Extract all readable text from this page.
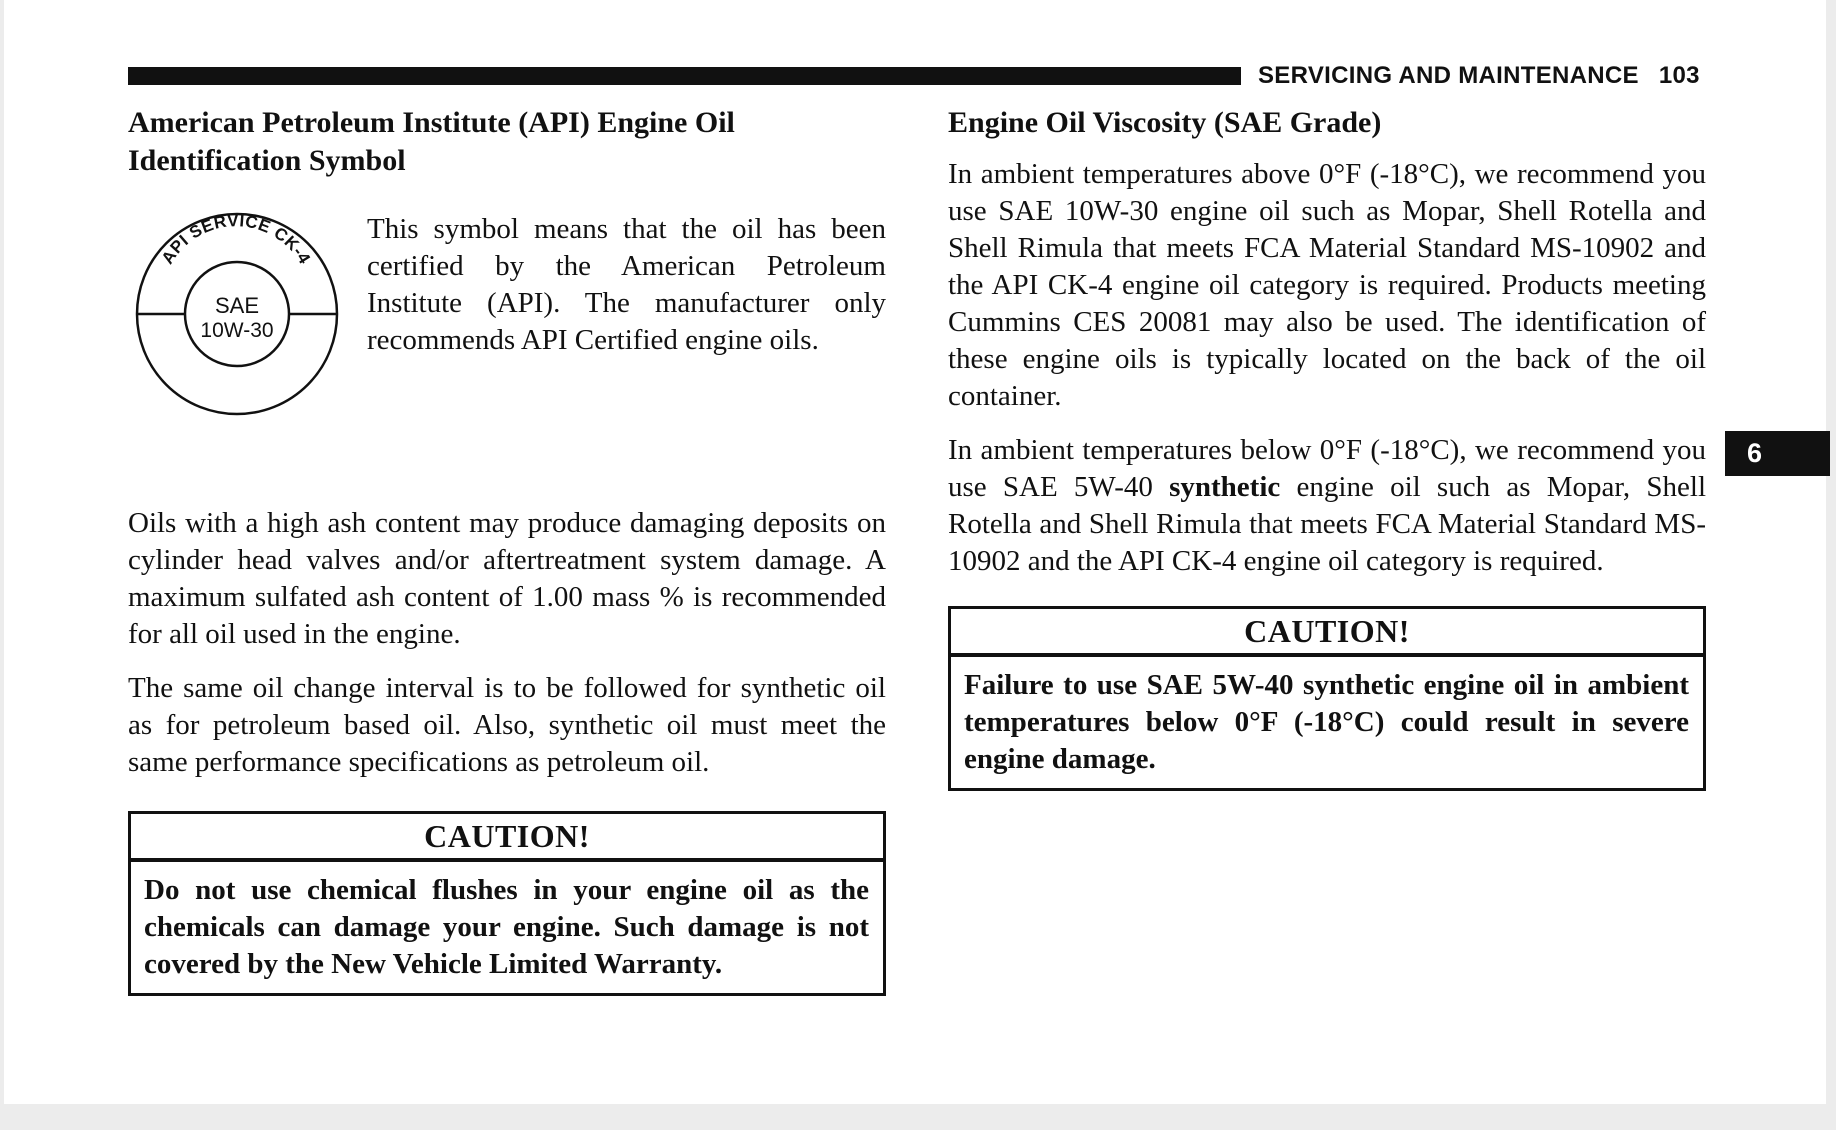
SERVICING AND MAINTENANCE 103
6
American Petroleum Institute (API) Engine Oil Identification Symbol
API SERVICE CK-4
SAE
10W-30

This symbol means that the oil has been certified by the American Petroleum Institute (API). The manufacturer only recommends API Certified engine oils.

Oils with a high ash content may produce damaging deposits on cylinder head valves and/or aftertreatment system damage. A maximum sulfated ash content of 1.00 mass % is recommended for all oil used in the engine.

The same oil change interval is to be followed for synthetic oil as for petroleum based oil. Also, synthetic oil must meet the same performance specifications as petroleum oil.

CAUTION!
Do not use chemical flushes in your engine oil as the chemicals can damage your engine. Such damage is not covered by the New Vehicle Limited Warranty.
Engine Oil Viscosity (SAE Grade)

In ambient temperatures above 0°F (-18°C), we recommend you use SAE 10W-30 engine oil such as Mopar, Shell Rotella and Shell Rimula that meets FCA Material Standard MS-10902 and the API CK-4 engine oil category is required. Products meeting Cummins CES 20081 may also be used. The identification of these engine oils is typically located on the back of the oil container.

In ambient temperatures below 0°F (-18°C), we recommend you use SAE 5W-40 synthetic engine oil such as Mopar, Shell Rotella and Shell Rimula that meets FCA Material Standard MS-10902 and the API CK-4 engine oil category is required.

CAUTION!
Failure to use SAE 5W-40 synthetic engine oil in ambient temperatures below 0°F (-18°C) could result in severe engine damage.
